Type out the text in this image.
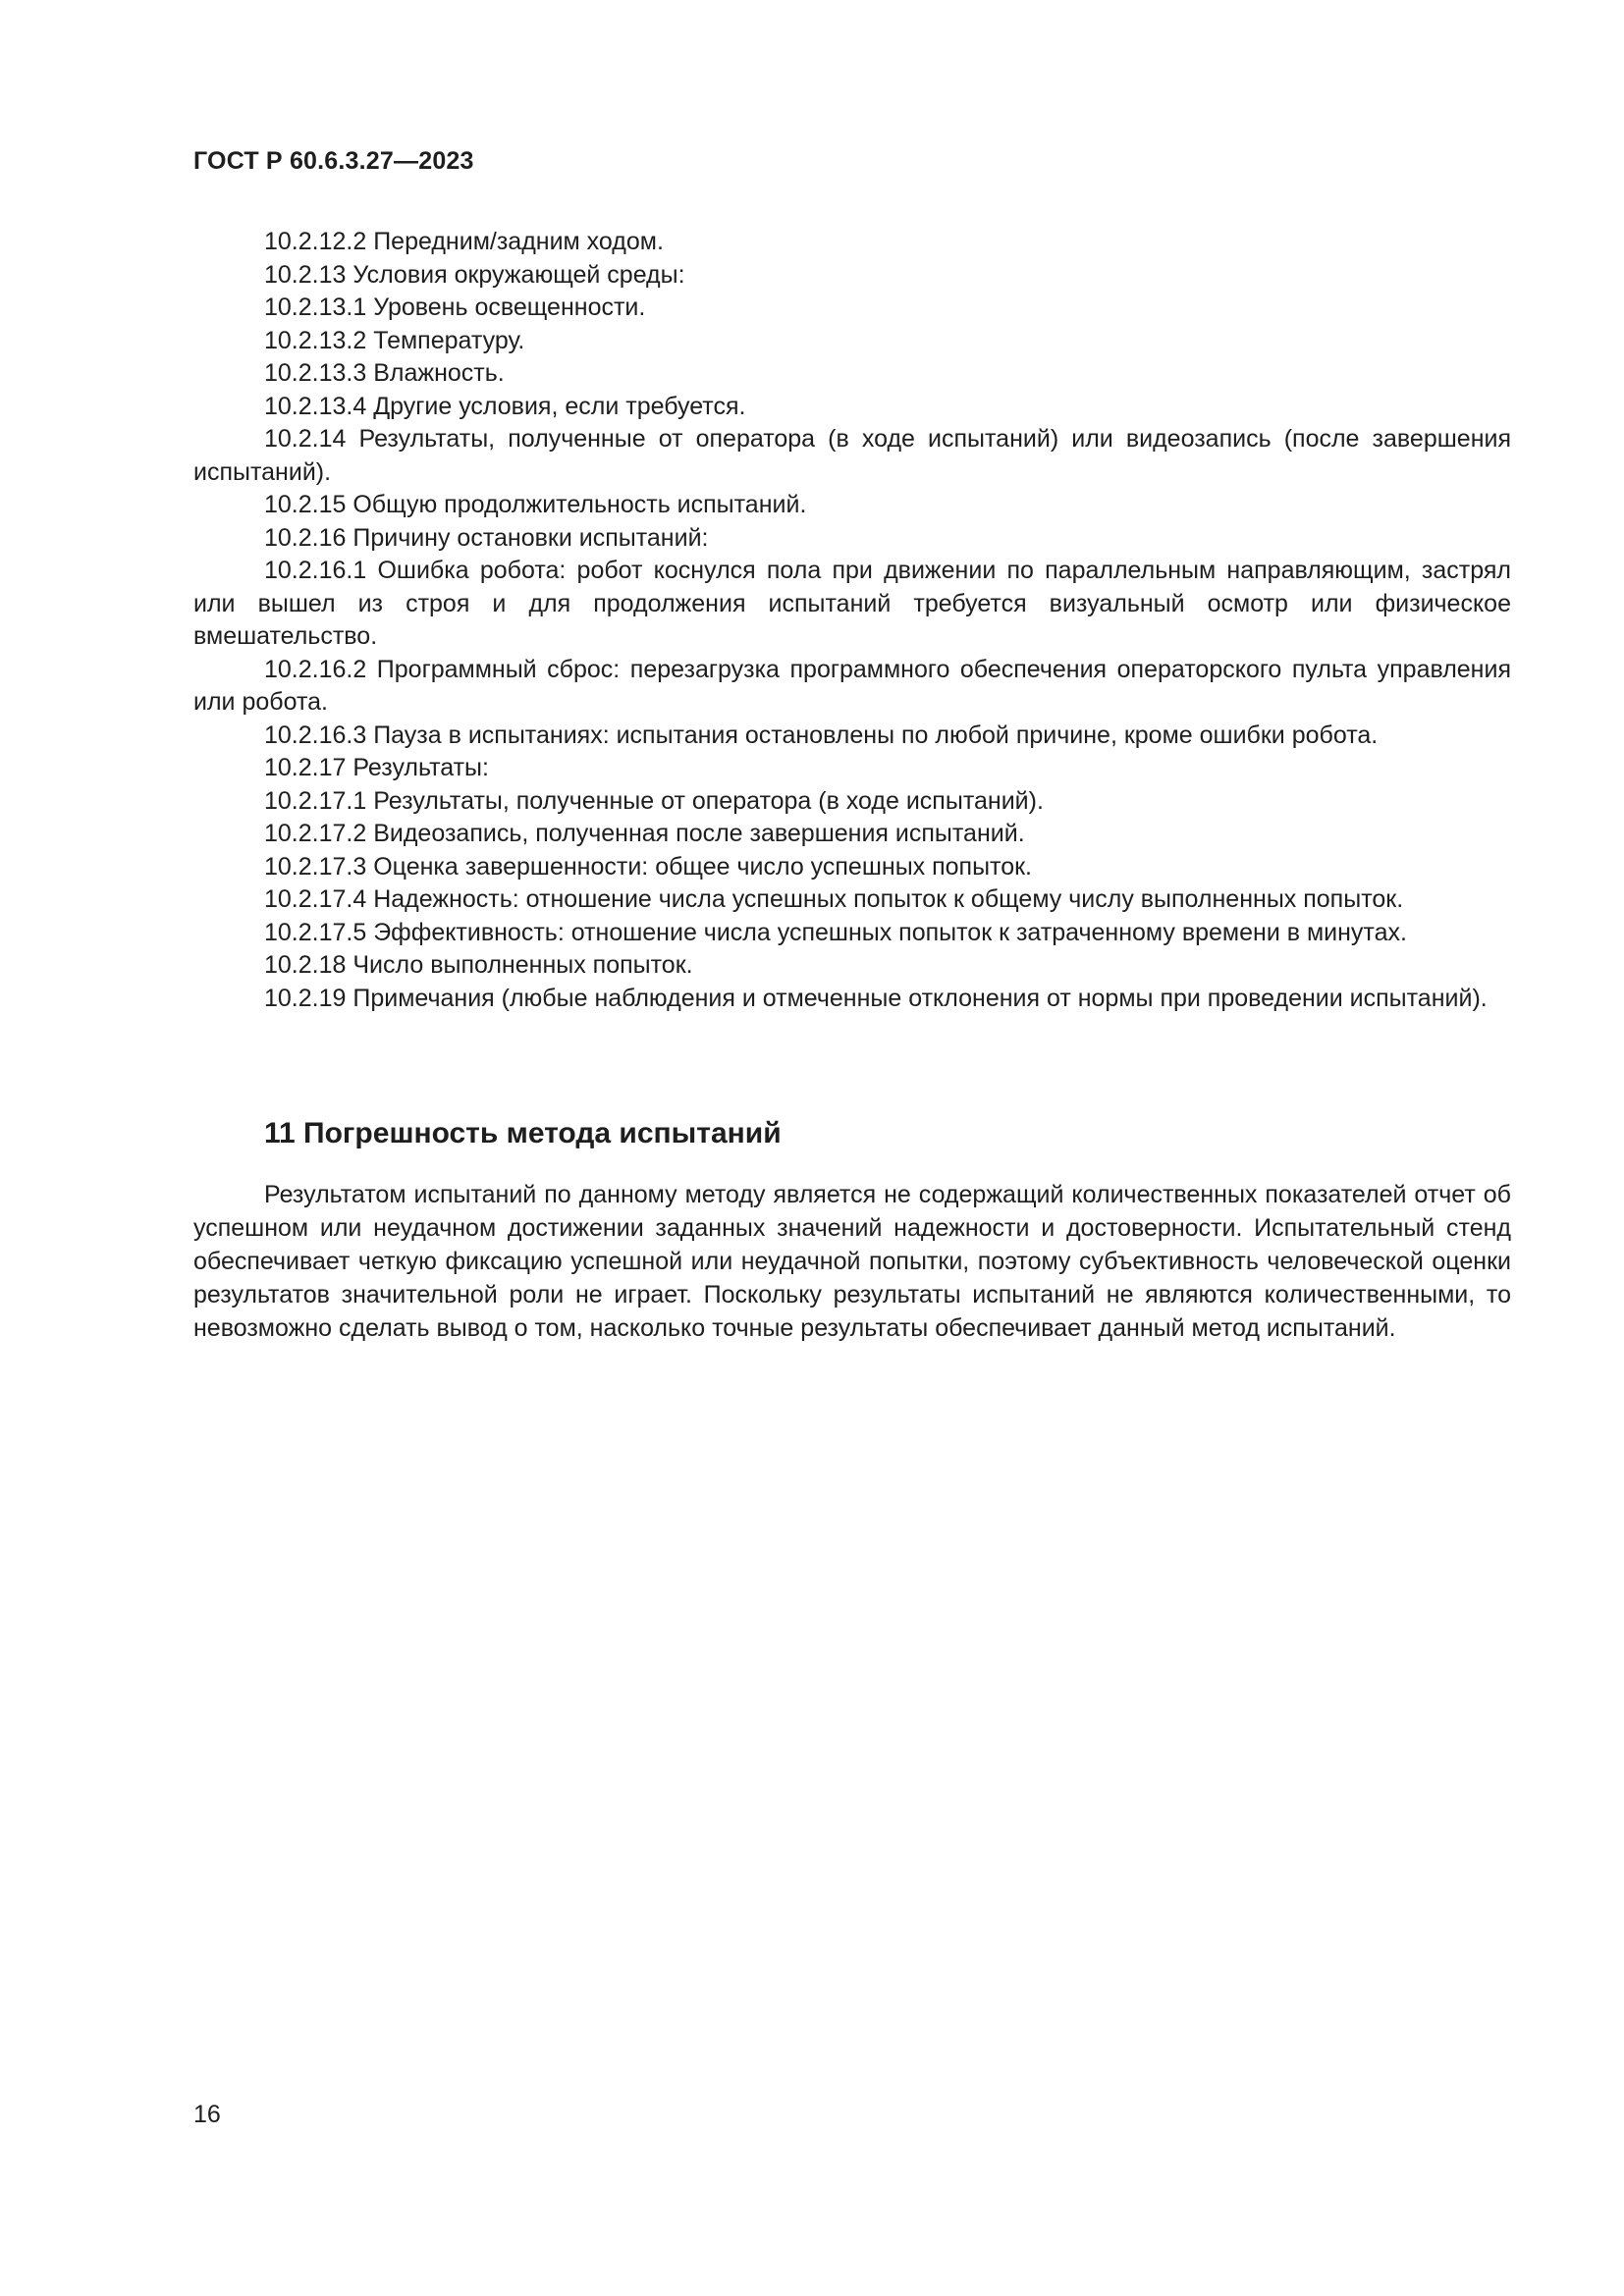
ГОСТ Р 60.6.3.27—2023

10.2.12.2 Передним/задним ходом.

10.2.13 Условия окружающей среды:

10.2.13.1 Уровень освещенности.

10.2.13.2 Температуру.

10.2.13.3 Влажность.

10.2.13.4 Другие условия, если требуется.

10.2.14 Результаты, полученные от оператора (в ходе испытаний) или видеозапись (после завершения испытаний).

10.2.15 Общую продолжительность испытаний.

10.2.16 Причину остановки испытаний:

10.2.16.1 Ошибка робота: робот коснулся пола при движении по параллельным направляющим, застрял или вышел из строя и для продолжения испытаний требуется визуальный осмотр или физическое вмешательство.

10.2.16.2 Программный сброс: перезагрузка программного обеспечения операторского пульта управления или робота.

10.2.16.3 Пауза в испытаниях: испытания остановлены по любой причине, кроме ошибки робота.

10.2.17 Результаты:

10.2.17.1 Результаты, полученные от оператора (в ходе испытаний).

10.2.17.2 Видеозапись, полученная после завершения испытаний.

10.2.17.3 Оценка завершенности: общее число успешных попыток.

10.2.17.4 Надежность: отношение числа успешных попыток к общему числу выполненных попыток.

10.2.17.5 Эффективность: отношение числа успешных попыток к затраченному времени в минутах.

10.2.18 Число выполненных попыток.

10.2.19 Примечания (любые наблюдения и отмеченные отклонения от нормы при проведении испытаний).

11 Погрешность метода испытаний

Результатом испытаний по данному методу является не содержащий количественных показателей отчет об успешном или неудачном достижении заданных значений надежности и достоверности. Испытательный стенд обеспечивает четкую фиксацию успешной или неудачной попытки, поэтому субъективность человеческой оценки результатов значительной роли не играет. Поскольку результаты испытаний не являются количественными, то невозможно сделать вывод о том, насколько точные результаты обеспечивает данный метод испытаний.

16
